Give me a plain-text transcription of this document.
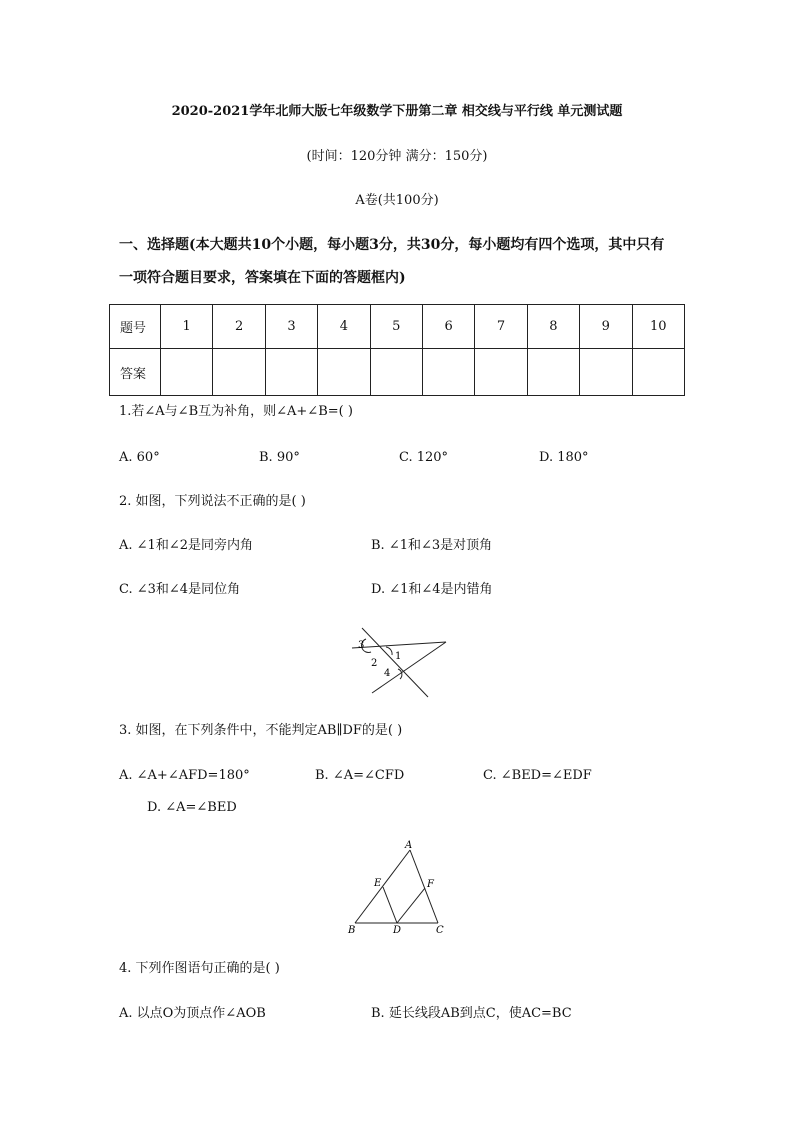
2020-2021学年北师大版七年级数学下册第二章 相交线与平行线 单元测试题
(时间：120分钟 满分：150分)
A卷(共100分)
一、选择题(本大题共10个小题，每小题3分，共30分，每小题均有四个选项，其中只有
一项符合题目要求，答案填在下面的答题框内)
题号	1	2	3	4	5	6	7	8	9	10
答案										
1.若∠A与∠B互为补角，则∠A+∠B=( )
A. 60°	B. 90°	C. 120°	D. 180°
2. 如图，下列说法不正确的是( )
A. ∠1和∠2是同旁内角	B. ∠1和∠3是对顶角
C. ∠3和∠4是同位角	D. ∠1和∠4是内错角
3
1
2
4
3. 如图，在下列条件中，不能判定AB∥DF的是( )
A. ∠A+∠AFD=180°	B. ∠A=∠CFD	C. ∠BED=∠EDF
D. ∠A=∠BED
A
E	F
B	D	C
4. 下列作图语句正确的是( )
A. 以点O为顶点作∠AOB	B. 延长线段AB到点C，使AC=BC
